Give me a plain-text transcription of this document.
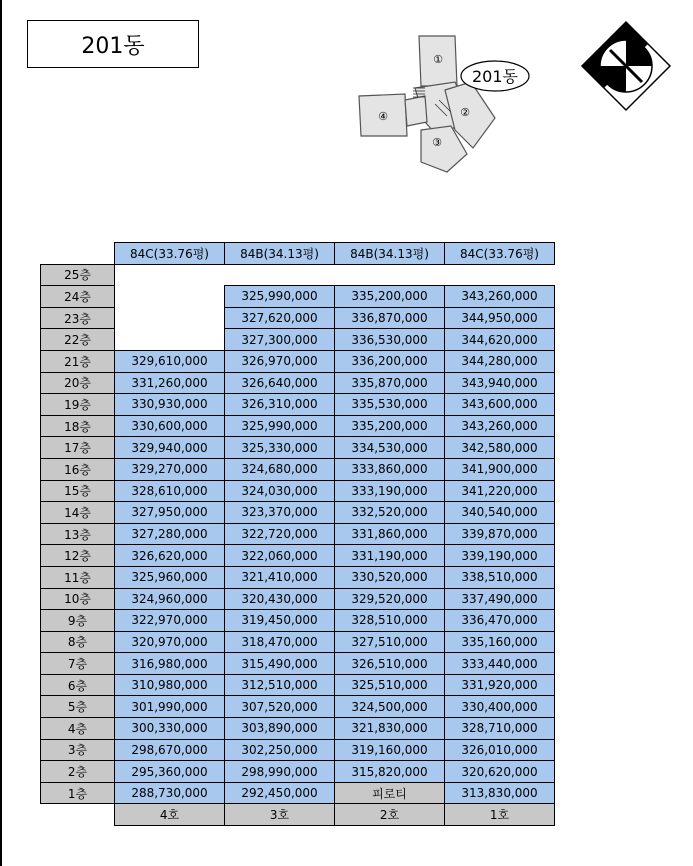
201동
201동
①
②
③
④
N
	84C(33.76평)	84B(34.13평)	84B(34.13평)	84C(33.76평)
25층				
24층		325,990,000	335,200,000	343,260,000
23층		327,620,000	336,870,000	344,950,000
22층		327,300,000	336,530,000	344,620,000
21층	329,610,000	326,970,000	336,200,000	344,280,000
20층	331,260,000	326,640,000	335,870,000	343,940,000
19층	330,930,000	326,310,000	335,530,000	343,600,000
18층	330,600,000	325,990,000	335,200,000	343,260,000
17층	329,940,000	325,330,000	334,530,000	342,580,000
16층	329,270,000	324,680,000	333,860,000	341,900,000
15층	328,610,000	324,030,000	333,190,000	341,220,000
14층	327,950,000	323,370,000	332,520,000	340,540,000
13층	327,280,000	322,720,000	331,860,000	339,870,000
12층	326,620,000	322,060,000	331,190,000	339,190,000
11층	325,960,000	321,410,000	330,520,000	338,510,000
10층	324,960,000	320,430,000	329,520,000	337,490,000
9층	322,970,000	319,450,000	328,510,000	336,470,000
8층	320,970,000	318,470,000	327,510,000	335,160,000
7층	316,980,000	315,490,000	326,510,000	333,440,000
6층	310,980,000	312,510,000	325,510,000	331,920,000
5층	301,990,000	307,520,000	324,500,000	330,400,000
4층	300,330,000	303,890,000	321,830,000	328,710,000
3층	298,670,000	302,250,000	319,160,000	326,010,000
2층	295,360,000	298,990,000	315,820,000	320,620,000
1층	288,730,000	292,450,000	피로티	313,830,000
	4호	3호	2호	1호
